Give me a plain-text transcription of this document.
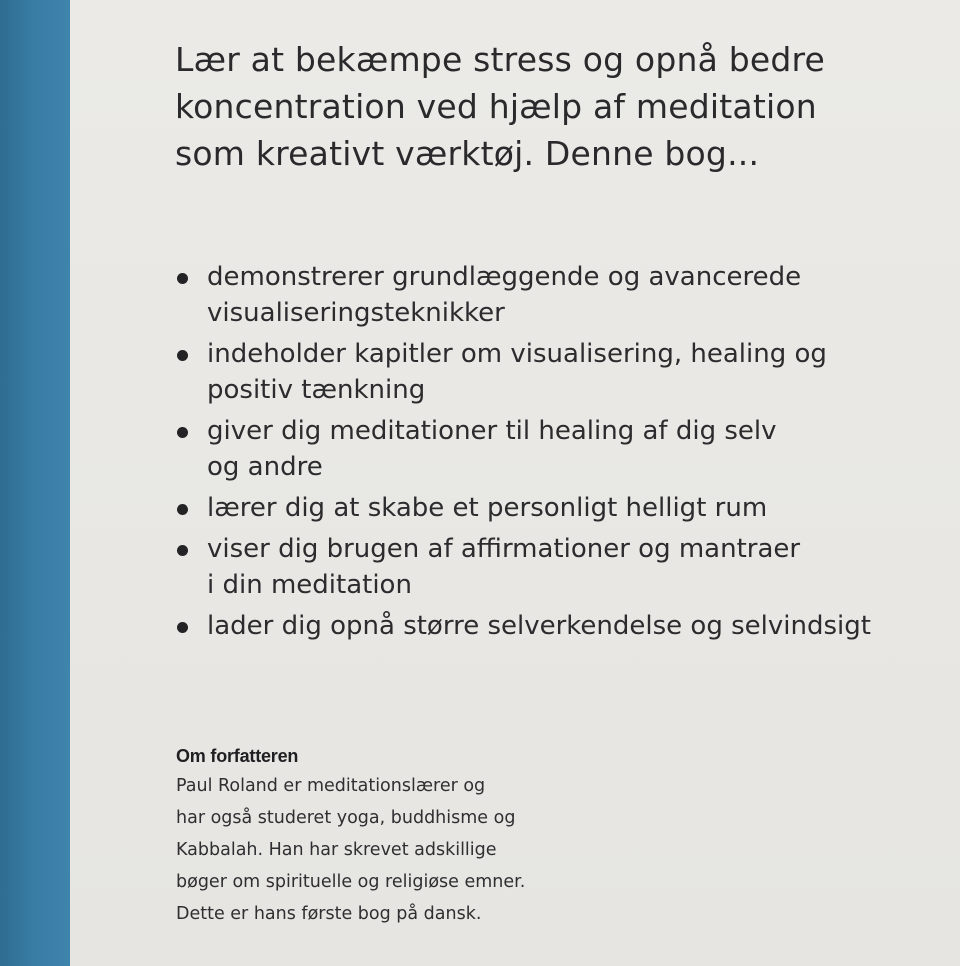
Lær at bekæmpe stress og opnå bedre
koncentration ved hjælp af meditation
som kreativt værktøj. Denne bog...
demonstrerer grundlæggende og avancerede
visualiseringsteknikker
indeholder kapitler om visualisering, healing og
positiv tænkning
giver dig meditationer til healing af dig selv
og andre
lærer dig at skabe et personligt helligt rum
viser dig brugen af affirmationer og mantraer
i din meditation
lader dig opnå større selverkendelse og selvindsigt
Om forfatteren
Paul Roland er meditationslærer og
har også studeret yoga, buddhisme og
Kabbalah. Han har skrevet adskillige
bøger om spirituelle og religiøse emner.
Dette er hans første bog på dansk.
